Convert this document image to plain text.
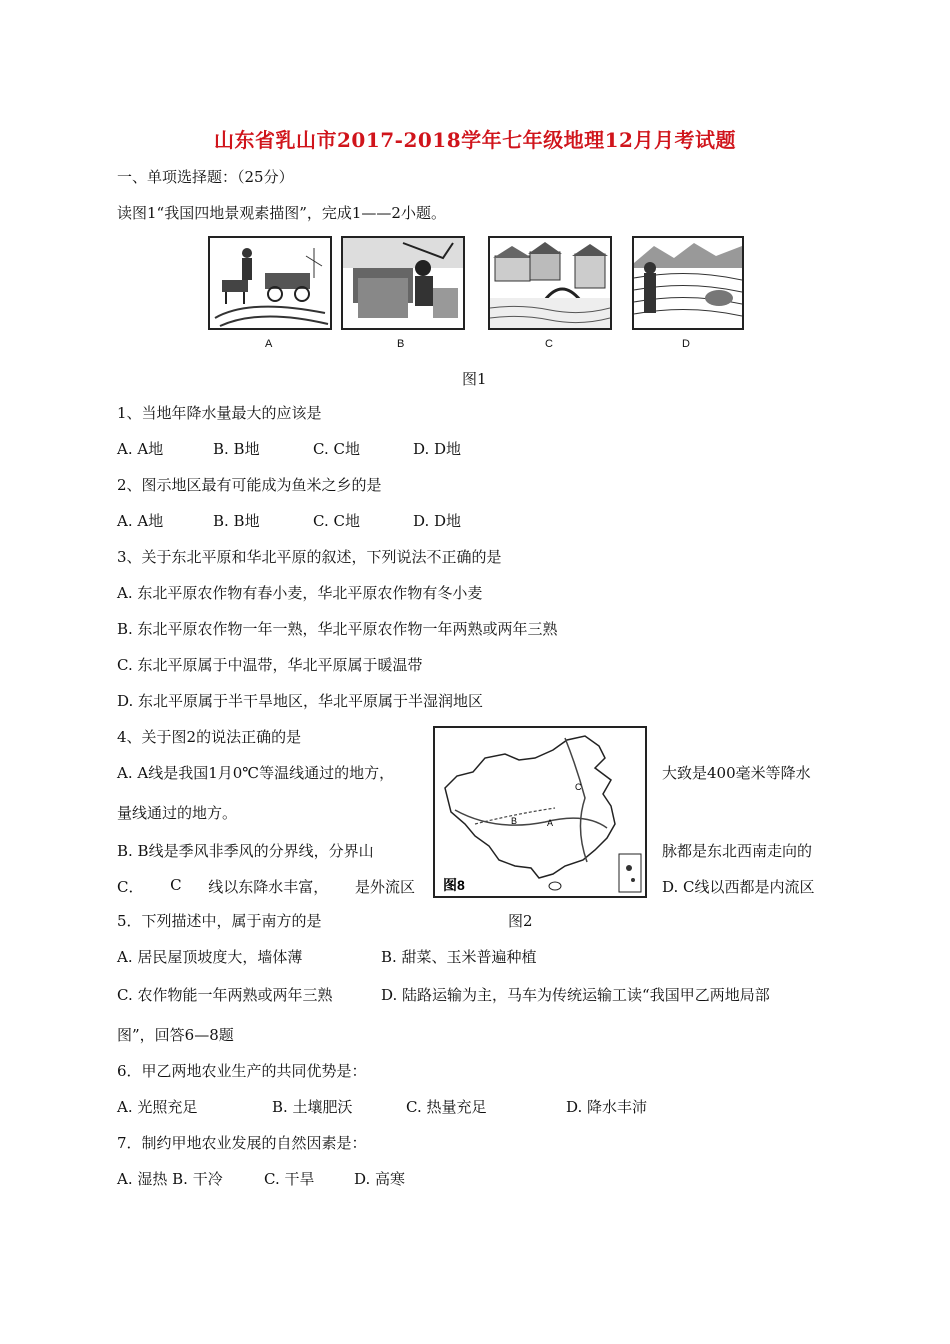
山东省乳山市2017-2018学年七年级地理12月月考试题
一、单项选择题：（25分）
读图1“我国四地景观素描图”，完成1——2小题。
A	B	C	D
图1
1、当地年降水量最大的应该是
A. A地	B. B地	C. C地	D. D地
2、图示地区最有可能成为鱼米之乡的是
A. A地	B. B地	C. C地	D. D地
3、关于东北平原和华北平原的叙述，下列说法不正确的是
A. 东北平原农作物有春小麦，华北平原农作物有冬小麦
B. 东北平原农作物一年一熟，华北平原农作物一年两熟或两年三熟
C. 东北平原属于中温带，华北平原属于暖温带
D. 东北平原属于半干旱地区，华北平原属于半湿润地区
4、关于图2的说法正确的是
A. A线是我国1月0℃等温线通过的地方，	大致是400毫米等降水
量线通过的地方。
B. B线是季风非季风的分界线，分界山	脉都是东北西南走向的
C． C 线以东降水丰富， 是外流区	D. C线以西都是内流区
A
B
C
图8
图2
5．下列描述中，属于南方的是
A. 居民屋顶坡度大，墙体薄	B. 甜菜、玉米普遍种植
C. 农作物能一年两熟或两年三熟	D. 陆路运输为主，马车为传统运输工读“我国甲乙两地局部
图”，回答6—8题
6．甲乙两地农业生产的共同优势是：
A. 光照充足	B. 土壤肥沃	C. 热量充足	D. 降水丰沛
7．制约甲地农业发展的自然因素是：
A. 湿热 B. 干冷	C. 干旱	D. 高寒
